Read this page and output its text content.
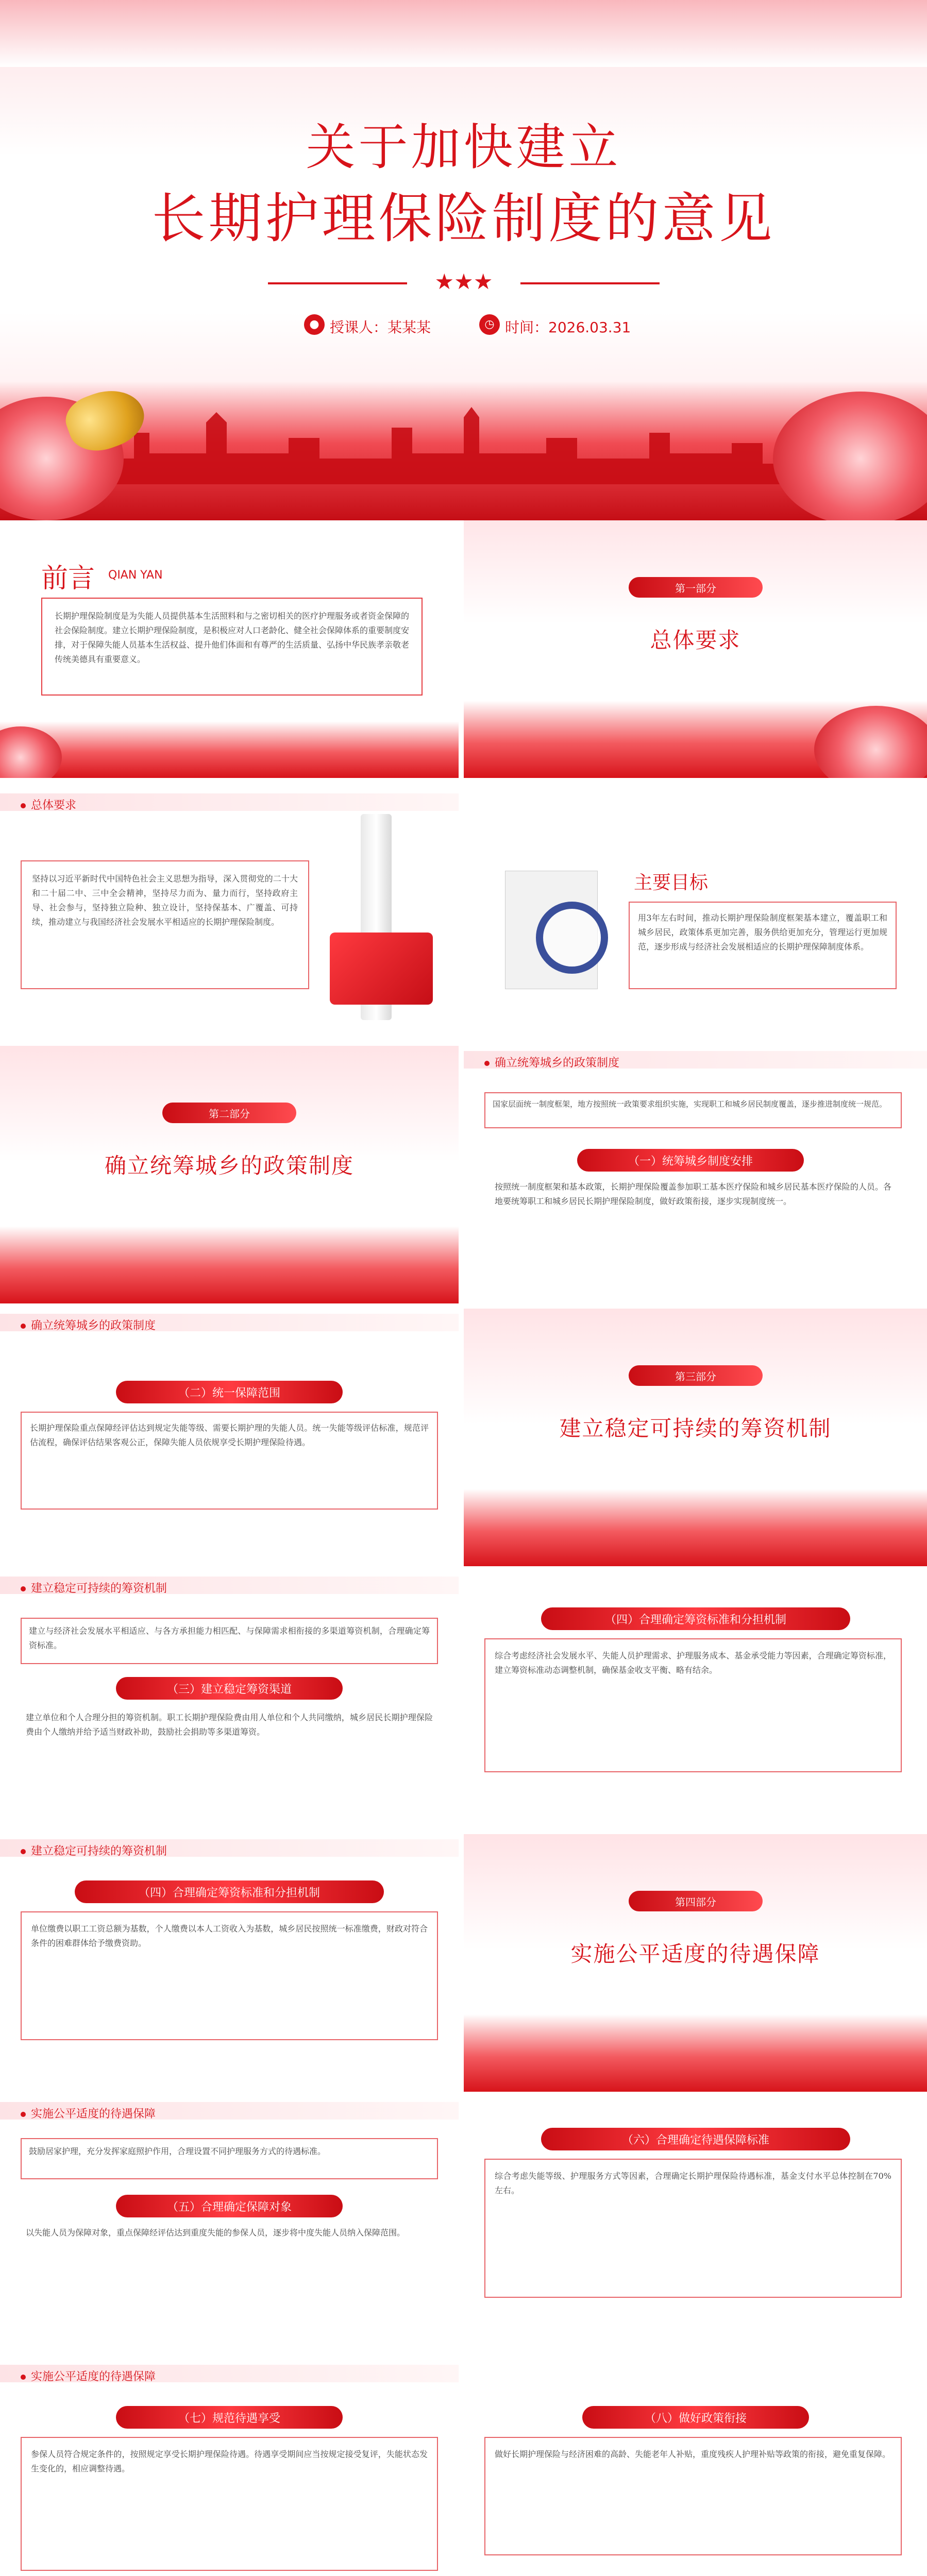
关于加快建立
长期护理保险制度的意见
★★★
● 授课人：某某某	◷ 时间：2026.03.31
前言 QIAN YAN
长期护理保险制度是为失能人员提供基本生活照料和与之密切相关的医疗护理服务或者资金保障的社会保险制度。建立长期护理保险制度，是积极应对人口老龄化、健全社会保障体系的重要制度安排，对于保障失能人员基本生活权益、提升他们体面和有尊严的生活质量、弘扬中华民族孝亲敬老传统美德具有重要意义。
第一部分
总体要求
总体要求
坚持以习近平新时代中国特色社会主义思想为指导，深入贯彻党的二十大和二十届二中、三中全会精神，坚持尽力而为、量力而行，坚持政府主导、社会参与，坚持独立险种、独立设计，坚持保基本、广覆盖、可持续，推动建立与我国经济社会发展水平相适应的长期护理保险制度。
主要目标
用3年左右时间，推动长期护理保险制度框架基本建立，覆盖职工和城乡居民，政策体系更加完善，服务供给更加充分，管理运行更加规范，逐步形成与经济社会发展相适应的长期护理保障制度体系。
第二部分
确立统筹城乡的政策制度
确立统筹城乡的政策制度
国家层面统一制度框架，地方按照统一政策要求组织实施，实现职工和城乡居民制度覆盖，逐步推进制度统一规范。
（一）统筹城乡制度安排
按照统一制度框架和基本政策，长期护理保险覆盖参加职工基本医疗保险和城乡居民基本医疗保险的人员。各地要统筹职工和城乡居民长期护理保险制度，做好政策衔接，逐步实现制度统一。
确立统筹城乡的政策制度
（二）统一保障范围
长期护理保险重点保障经评估达到规定失能等级、需要长期护理的失能人员。统一失能等级评估标准，规范评估流程，确保评估结果客观公正，保障失能人员依规享受长期护理保险待遇。
第三部分
建立稳定可持续的筹资机制
建立稳定可持续的筹资机制
建立与经济社会发展水平相适应、与各方承担能力相匹配、与保障需求相衔接的多渠道筹资机制，合理确定筹资标准。
（三）建立稳定筹资渠道
建立单位和个人合理分担的筹资机制。职工长期护理保险费由用人单位和个人共同缴纳，城乡居民长期护理保险费由个人缴纳并给予适当财政补助，鼓励社会捐助等多渠道筹资。
（四）合理确定筹资标准和分担机制
综合考虑经济社会发展水平、失能人员护理需求、护理服务成本、基金承受能力等因素，合理确定筹资标准，建立筹资标准动态调整机制，确保基金收支平衡、略有结余。
建立稳定可持续的筹资机制
（四）合理确定筹资标准和分担机制
单位缴费以职工工资总额为基数，个人缴费以本人工资收入为基数，城乡居民按照统一标准缴费，财政对符合条件的困难群体给予缴费资助。
第四部分
实施公平适度的待遇保障
实施公平适度的待遇保障
鼓励居家护理，充分发挥家庭照护作用，合理设置不同护理服务方式的待遇标准。
（五）合理确定保障对象
以失能人员为保障对象，重点保障经评估达到重度失能的参保人员，逐步将中度失能人员纳入保障范围。
（六）合理确定待遇保障标准
综合考虑失能等级、护理服务方式等因素，合理确定长期护理保险待遇标准，基金支付水平总体控制在70%左右。
实施公平适度的待遇保障
（七）规范待遇享受
参保人员符合规定条件的，按照规定享受长期护理保险待遇。待遇享受期间应当按规定接受复评，失能状态发生变化的，相应调整待遇。
（八）做好政策衔接
做好长期护理保险与经济困难的高龄、失能老年人补贴，重度残疾人护理补贴等政策的衔接，避免重复保障。
